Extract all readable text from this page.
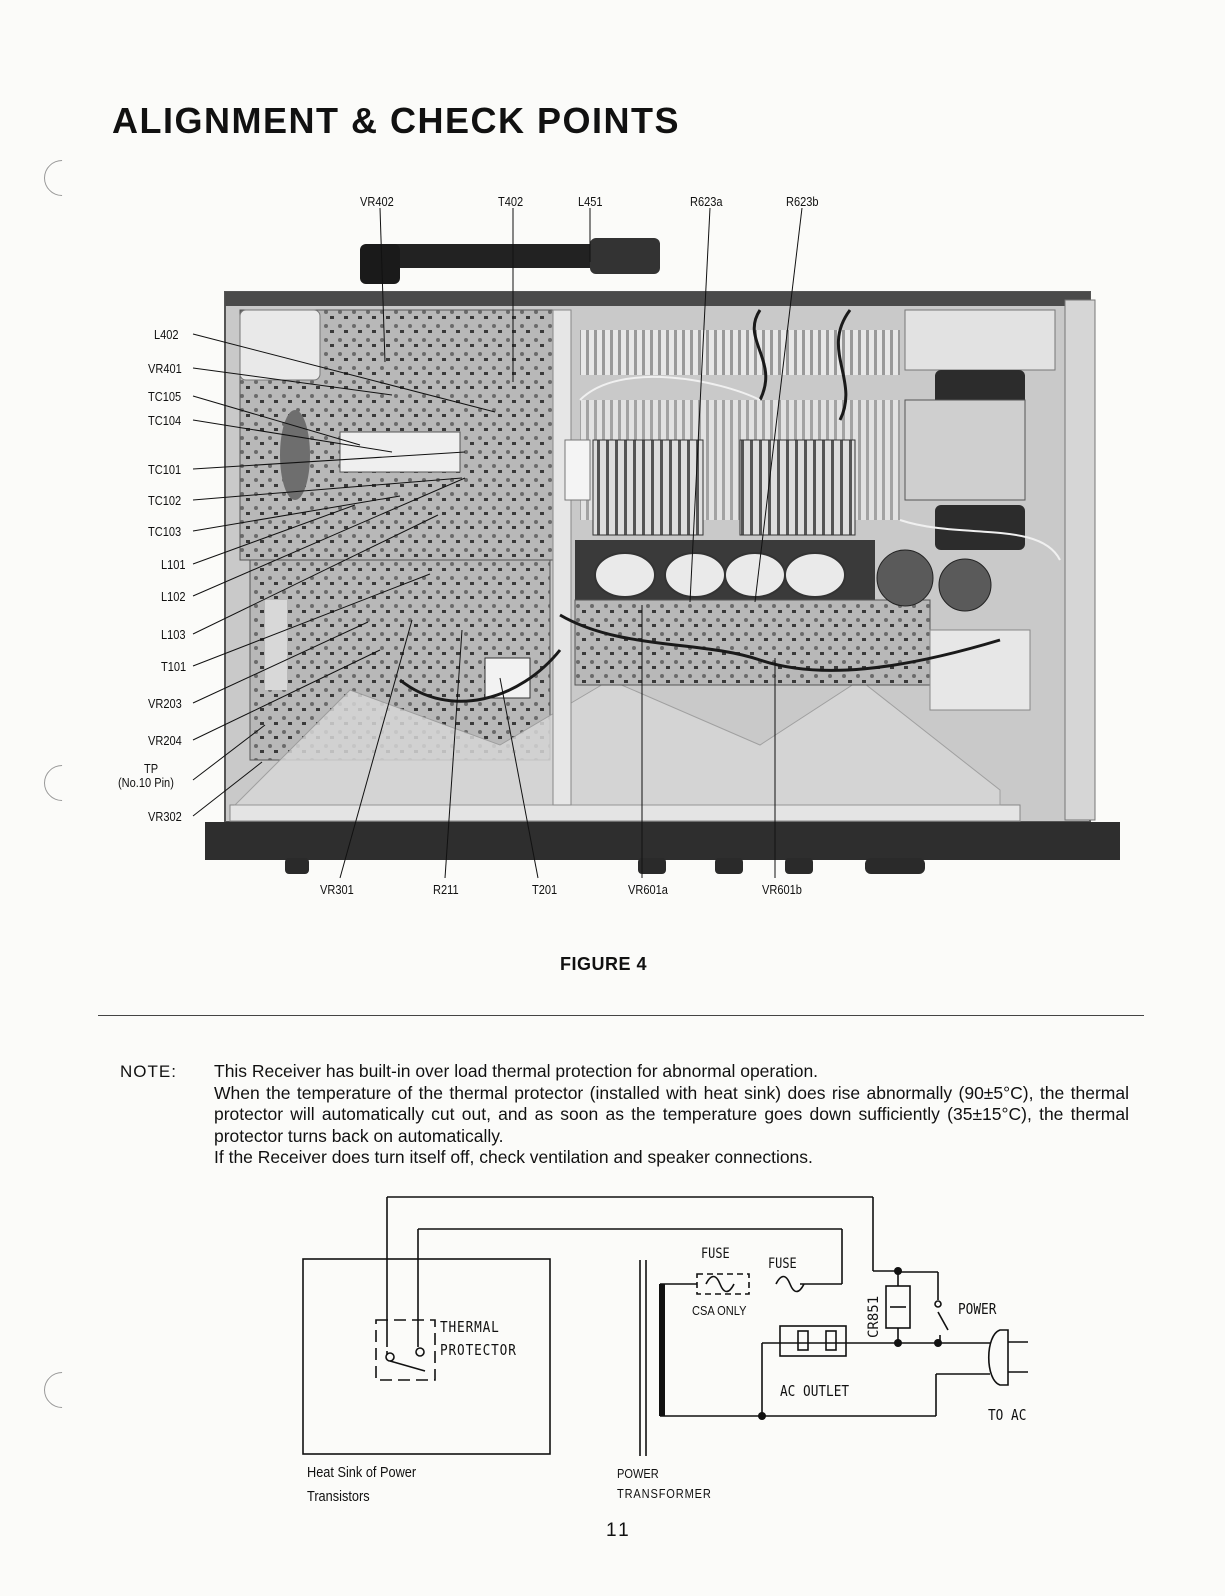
ALIGNMENT & CHECK POINTS
VR402	T402	L451	R623a	R623b
L402
VR401
TC105
TC104
TC101
TC102
TC103
L101
L102
L103
T101
VR203
VR204
TP
(No.10 Pin)
VR302
VR301	R211	T201	VR601a	VR601b
FIGURE 4
NOTE: This Receiver has built-in over load thermal protection for abnormal operation.

When the temperature of the thermal protector (installed with heat sink) does rise abnormally (90±5°C), the thermal protector will automatically cut out, and as soon as the temperature goes down sufficiently (35±15°C), the thermal protector turns back on automatically.

If the Receiver does turn itself off, check ventilation and speaker connections.

THERMAL
PROTECTOR
Heat Sink of Power
Transistors
FUSE
FUSE
CSA ONLY	CR851	POWER
AC OUTLET
TO AC
POWER
TRANSFORMER
11
